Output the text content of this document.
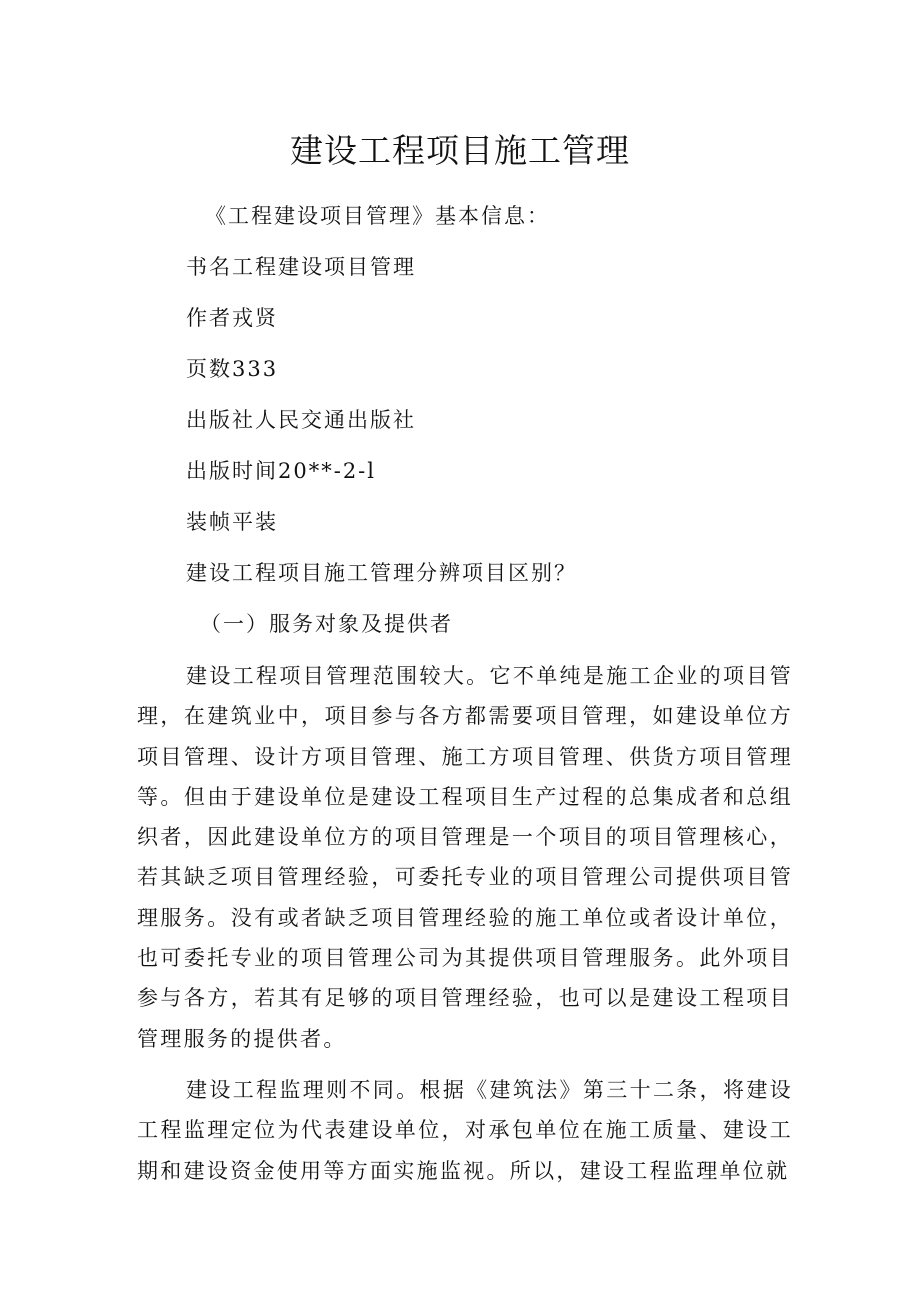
建设工程项目施工管理
《工程建设项目管理》基本信息：
书名工程建设项目管理
作者戎贤
页数333
出版社人民交通出版社
出版时间20**-2-l
装帧平装
建设工程项目施工管理分辨项目区别？
（一）服务对象及提供者

建设工程项目管理范围较大。它不单纯是施工企业的项目管理，在建筑业中，项目参与各方都需要项目管理，如建设单位方项目管理、设计方项目管理、施工方项目管理、供货方项目管理等。但由于建设单位是建设工程项目生产过程的总集成者和总组织者，因此建设单位方的项目管理是一个项目的项目管理核心，若其缺乏项目管理经验，可委托专业的项目管理公司提供项目管理服务。没有或者缺乏项目管理经验的施工单位或者设计单位，也可委托专业的项目管理公司为其提供项目管理服务。此外项目参与各方，若其有足够的项目管理经验，也可以是建设工程项目管理服务的提供者。

建设工程监理则不同。根据《建筑法》第三十二条，将建设工程监理定位为代表建设单位，对承包单位在施工质量、建设工期和建设资金使用等方面实施监视。所以，建设工程监理单位就
